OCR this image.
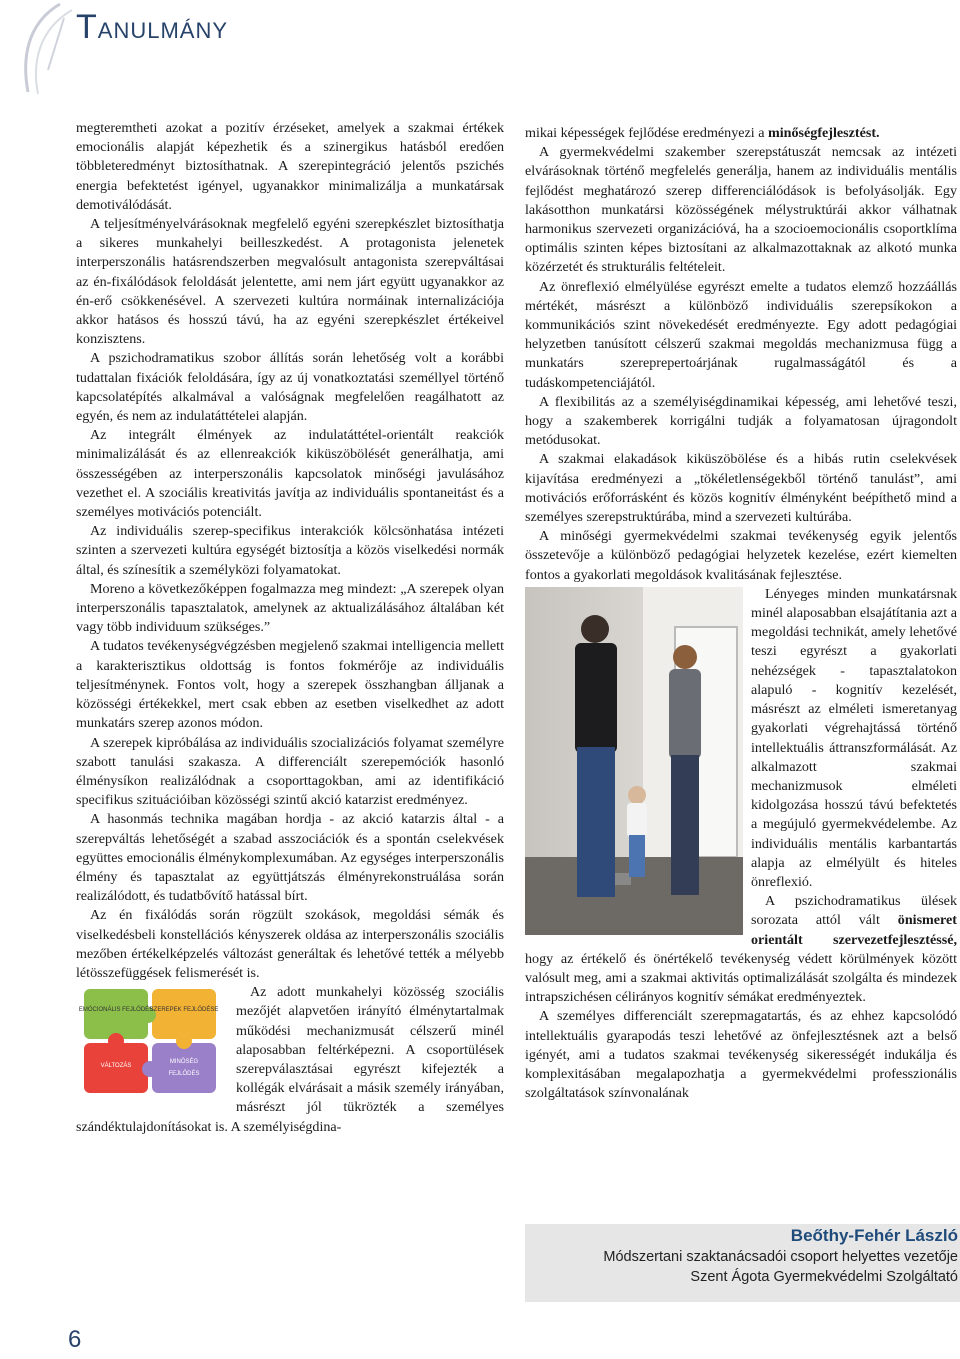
TANULMÁNY

megteremtheti azokat a pozitív érzéseket, amelyek a szakmai értékek emocionális alapját képezhetik és a szinergikus hatásból eredően többleteredményt biztosíthatnak. A szerepintegráció jelentős pszichés energia befektetést igényel, ugyanakkor minimalizálja a munkatársak demotiválódását.

A teljesítményelvárásoknak megfelelő egyéni szerepkészlet biztosíthatja a sikeres munkahelyi beilleszkedést. A protagonista jelenetek interperszonális hatásrendszerben megvalósult antagonista szerepváltásai az én-fixálódások feloldását jelentette, ami nem járt együtt ugyanakkor az én-erő csökkenésével. A szervezeti kultúra normáinak internalizációja akkor hatásos és hosszú távú, ha az egyéni szerepkészlet értékeivel konzisztens.

A pszichodramatikus szobor állítás során lehetőség volt a korábbi tudattalan fixációk feloldására, így az új vonatkoztatási személlyel történő kapcsolatépítés alkalmával a valóságnak megfelelően reagálhatott az egyén, és nem az indulatáttételei alapján.

Az integrált élmények az indulatáttétel-orientált reakciók minimalizálását és az ellenreakciók kiküszöbölését generálhatja, ami összességében az interperszonális kapcsolatok minőségi javulásához vezethet el. A szociális kreativitás javítja az individuális spontaneitást és a személyes motivációs potenciált.

Az individuális szerep-specifikus interakciók kölcsönhatása intézeti szinten a szervezeti kultúra egységét biztosítja a közös viselkedési normák által, és színesítik a személyközi folyamatokat.

Moreno a következőképpen fogalmazza meg mindezt: „A szerepek olyan interperszonális tapasztalatok, amelynek az aktualizálásához általában két vagy több individuum szükséges.”

A tudatos tevékenységvégzésben megjelenő szakmai intelligencia mellett a karakterisztikus oldottság is fontos fokmérője az individuális teljesítménynek. Fontos volt, hogy a szerepek összhangban álljanak a közösségi értékekkel, mert csak ebben az esetben viselkedhet az adott munkatárs szerep azonos módon.

A szerepek kipróbálása az individuális szocializációs folyamat személyre szabott tanulási szakasza. A differenciált szerepemóciók hasonló élménysíkon realizálódnak a csoporttagokban, ami az identifikáció specifikus szituációiban közösségi szintű akció katarzist eredményez.

A hasonmás technika magában hordja - az akció katarzis által - a szerepváltás lehetőségét a szabad asszociációk és a spontán cselekvések együttes emocionális élménykomplexumában. Az egységes interperszonális élmény és tapasztalat az együttjátszás élményrekonstruálása során realizálódott, és tudatbővítő hatással bírt.

Az én fixálódás során rögzült szokások, megoldási sémák és viselkedésbeli konstellációs kényszerek oldása az interperszonális szociális mezőben értékelképzelés változást generáltak és lehetővé tették a mélyebb létösszefüggések felismerését is.

EMÓCIONÁLIS FEJLŐDÉS
SZEREPEK FEJLŐDÉSE
VÁLTOZÁS
MINŐSÉG
FEJLŐDÉS

Az adott munkahelyi közösség szociális mezőjét alapvetően irányító élménytartalmak működési mechanizmusát célszerű minél alaposabban feltérképezni. A csoportülések szerepválasztásai egyrészt kifejezték a kollégák elvárásait a másik személy irányában, másrészt jól tükrözték a személyes szándéktulajdonításokat is. A személyiségdina-

mikai képességek fejlődése eredményezi a minőségfejlesztést.

A gyermekvédelmi szakember szerepstátuszát nemcsak az intézeti elvárásoknak történő megfelelés generálja, hanem az individuális mentális fejlődést meghatározó szerep differenciálódások is befolyásolják. Egy lakásotthon munkatársi közösségének mélystruktúrái akkor válhatnak harmonikus szervezeti organizációvá, ha a szocioemocionális csoportklíma optimális szinten képes biztosítani az alkalmazottaknak az alkotó munka közérzetét és strukturális feltételeit.

Az önreflexió elmélyülése egyrészt emelte a tudatos elemző hozzáállás mértékét, másrészt a különböző individuális szerepsíkokon a kommunikációs szint növekedését eredményezte. Egy adott pedagógiai helyzetben tanúsított célszerű szakmai megoldás mechanizmusa függ a munkatárs szereprepertoárjának rugalmasságától és a tudáskompetenciájától.

A flexibilitás az a személyiségdinamikai képesség, ami lehetővé teszi, hogy a szakemberek korrigálni tudják a folyamatosan újragondolt metódusokat.

A szakmai elakadások kiküszöbölése és a hibás rutin cselekvések kijavítása eredményezi a „tökéletlenségekből történő tanulást”, ami motivációs erőforrásként és közös kognitív élményként beépíthető mind a személyes szerepstruktúrába, mind a szervezeti kultúrába.

A minőségi gyermekvédelmi szakmai tevékenység egyik jelentős összetevője a különböző pedagógiai helyzetek kezelése, ezért kiemelten fontos a gyakorlati megoldások kvalitásának fejlesztése.

Lényeges minden munkatársnak minél alaposabban elsajátítania azt a megoldási technikát, amely lehetővé teszi egyrészt a gyakorlati nehézségek - tapasztalatokon alapuló - kognitív kezelését, másrészt az elméleti ismeretanyag gyakorlati végrehajtássá történő intellektuális áttranszformálását. Az alkalmazott szakmai mechanizmusok elméleti kidolgozása hosszú távú befektetés a megújuló gyermekvédelembe. Az individuális mentális karbantartás alapja az elmélyült és hiteles önreflexió.

A pszichodramatikus ülések sorozata attól vált önismeret orientált szervezetfejlesztéssé, hogy az értékelő és önértékelő tevékenység védett körülmények között valósult meg, ami a szakmai aktivitás optimalizálását szolgálta és mindezek intrapszichésen célirányos kognitív sémákat eredményeztek.

A személyes differenciált szerepmagatartás, és az ehhez kapcsolódó intellektuális gyarapodás teszi lehetővé az önfejlesztésnek azt a belső igényét, ami a tudatos szakmai tevékenység sikerességét indukálja és komplexitásában megalapozhatja a gyermekvédelmi professzionális szolgáltatások színvonalának

Beőthy-Fehér László
Módszertani szaktanácsadói csoport helyettes vezetője
Szent Ágota Gyermekvédelmi Szolgáltató
6
